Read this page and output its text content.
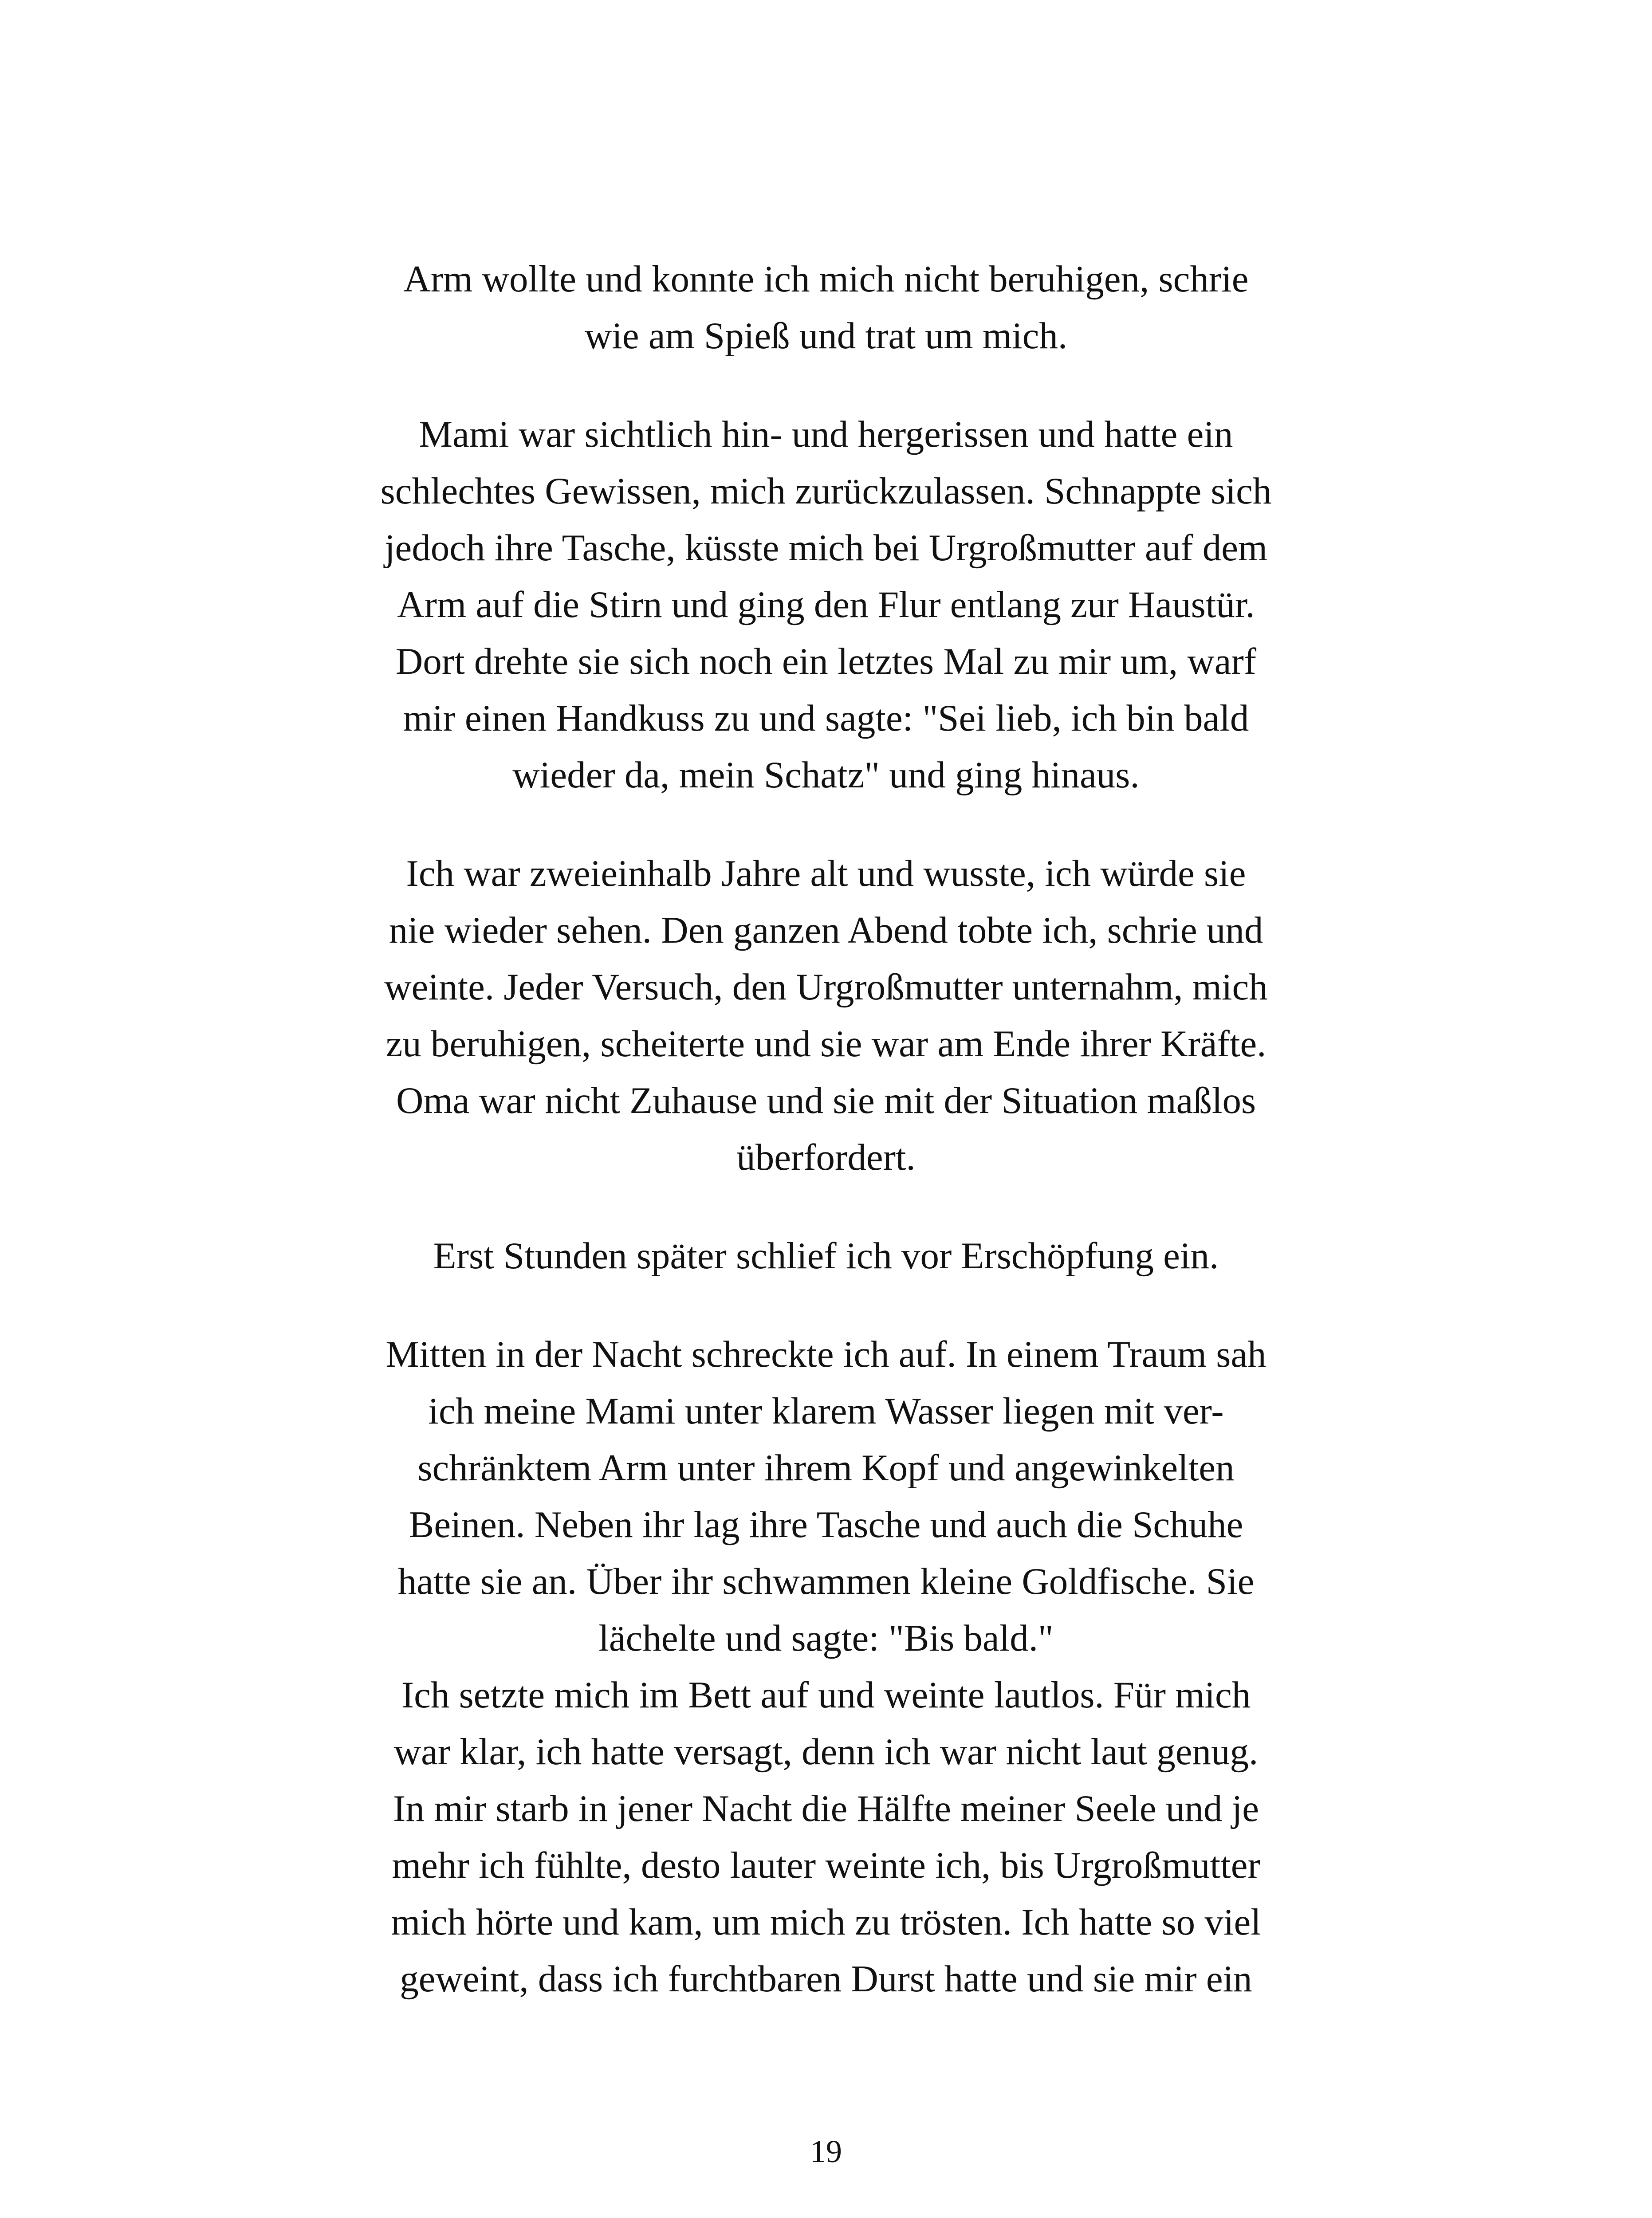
Arm wollte und konnte ich mich nicht beruhigen, schrie
wie am Spieß und trat um mich.

Mami war sichtlich hin- und hergerissen und hatte ein
schlechtes Gewissen, mich zurückzulassen. Schnappte sich
jedoch ihre Tasche, küsste mich bei Urgroßmutter auf dem
Arm auf die Stirn und ging den Flur entlang zur Haustür.
Dort drehte sie sich noch ein letztes Mal zu mir um, warf
mir einen Handkuss zu und sagte: "Sei lieb, ich bin bald
wieder da, mein Schatz" und ging hinaus.

Ich war zweieinhalb Jahre alt und wusste, ich würde sie
nie wieder sehen. Den ganzen Abend tobte ich, schrie und
weinte. Jeder Versuch, den Urgroßmutter unternahm, mich
zu beruhigen, scheiterte und sie war am Ende ihrer Kräfte.
Oma war nicht Zuhause und sie mit der Situation maßlos
überfordert.

Erst Stunden später schlief ich vor Erschöpfung ein.

Mitten in der Nacht schreckte ich auf. In einem Traum sah
ich meine Mami unter klarem Wasser liegen mit ver-
schränktem Arm unter ihrem Kopf und angewinkelten
Beinen. Neben ihr lag ihre Tasche und auch die Schuhe
hatte sie an. Über ihr schwammen kleine Goldfische. Sie
lächelte und sagte: "Bis bald."
Ich setzte mich im Bett auf und weinte lautlos. Für mich
war klar, ich hatte versagt, denn ich war nicht laut genug.
In mir starb in jener Nacht die Hälfte meiner Seele und je
mehr ich fühlte, desto lauter weinte ich, bis Urgroßmutter
mich hörte und kam, um mich zu trösten. Ich hatte so viel
geweint, dass ich furchtbaren Durst hatte und sie mir ein

19
